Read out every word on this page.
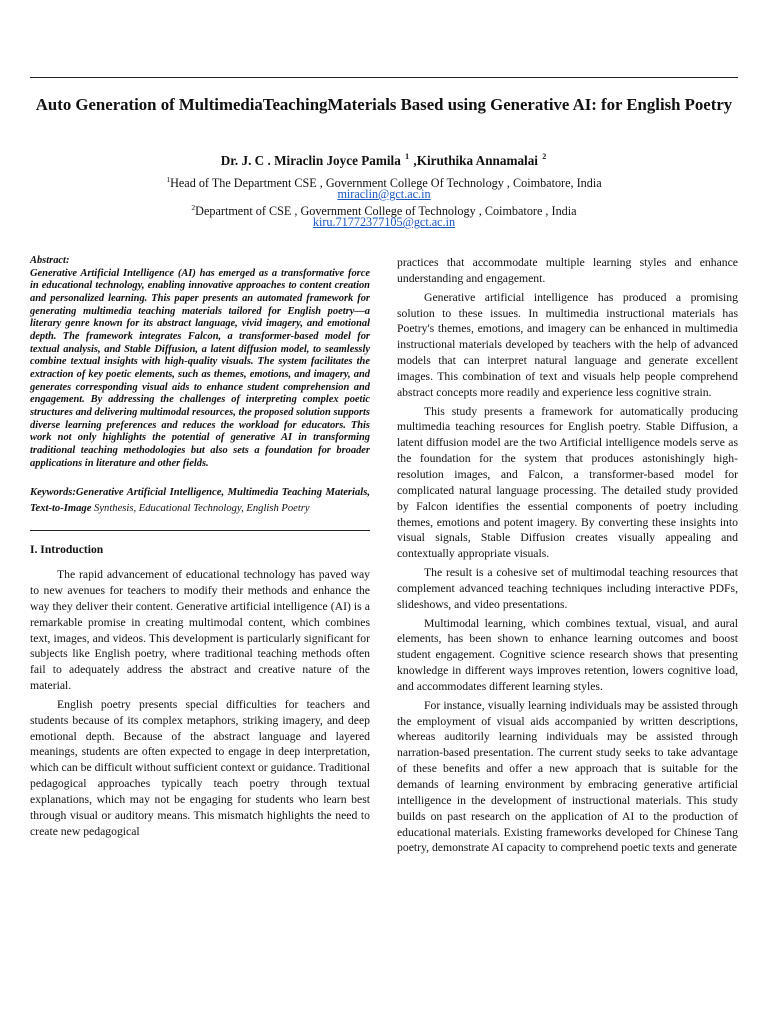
Auto Generation of MultimediaTeachingMaterials Based using Generative AI: for English Poetry
Dr. J. C . Miraclin Joyce Pamila $^1$ ,Kiruthika Annamalai $^2$
$^1$Head of The Department CSE , Government College Of Technology , Coimbatore, India
miraclin@gct.ac.in
$^2$Department of CSE , Government College of Technology , Coimbatore , India
kiru.71772377105@gct.ac.in
Abstract:
Generative Artificial Intelligence (AI) has emerged as a transformative force in educational technology, enabling innovative approaches to content creation and personalized learning. This paper presents an automated framework for generating multimedia teaching materials tailored for English poetry—a literary genre known for its abstract language, vivid imagery, and emotional depth. The framework integrates Falcon, a transformer-based model for textual analysis, and Stable Diffusion, a latent diffusion model, to seamlessly combine textual insights with high-quality visuals. The system facilitates the extraction of key poetic elements, such as themes, emotions, and imagery, and generates corresponding visual aids to enhance student comprehension and engagement. By addressing the challenges of interpreting complex poetic structures and delivering multimodal resources, the proposed solution supports diverse learning preferences and reduces the workload for educators. This work not only highlights the potential of generative AI in transforming traditional teaching methodologies but also sets a foundation for broader applications in literature and other fields.
Keywords:Generative Artificial Intelligence, Multimedia Teaching Materials, Text-to-Image Synthesis, Educational Technology, English Poetry
I. Introduction

The rapid advancement of educational technology has paved way to new avenues for teachers to modify their methods and enhance the way they deliver their content. Generative artificial intelligence (AI) is a remarkable promise in creating multimodal content, which combines text, images, and videos. This development is particularly significant for subjects like English poetry, where traditional teaching methods often fail to adequately address the abstract and creative nature of the material.

English poetry presents special difficulties for teachers and students because of its complex metaphors, striking imagery, and deep emotional depth. Because of the abstract language and layered meanings, students are often expected to engage in deep interpretation, which can be difficult without sufficient context or guidance. Traditional pedagogical approaches typically teach poetry through textual explanations, which may not be engaging for students who learn best through visual or auditory means. This mismatch highlights the need to create new pedagogical

practices that accommodate multiple learning styles and enhance understanding and engagement.

Generative artificial intelligence has produced a promising solution to these issues. In multimedia instructional materials has Poetry's themes, emotions, and imagery can be enhanced in multimedia instructional materials developed by teachers with the help of advanced models that can interpret natural language and generate excellent images. This combination of text and visuals help people comprehend abstract concepts more readily and experience less cognitive strain.

This study presents a framework for automatically producing multimedia teaching resources for English poetry. Stable Diffusion, a latent diffusion model are the two Artificial intelligence models serve as the foundation for the system that produces astonishingly high-resolution images, and Falcon, a transformer-based model for complicated natural language processing. The detailed study provided by Falcon identifies the essential components of poetry including themes, emotions and potent imagery. By converting these insights into visual signals, Stable Diffusion creates visually appealing and contextually appropriate visuals.

The result is a cohesive set of multimodal teaching resources that complement advanced teaching techniques including interactive PDFs, slideshows, and video presentations.

Multimodal learning, which combines textual, visual, and aural elements, has been shown to enhance learning outcomes and boost student engagement. Cognitive science research shows that presenting knowledge in different ways improves retention, lowers cognitive load, and accommodates different learning styles.

For instance, visually learning individuals may be assisted through the employment of visual aids accompanied by written descriptions, whereas auditorily learning individuals may be assisted through narration-based presentation. The current study seeks to take advantage of these benefits and offer a new approach that is suitable for the demands of learning environment by embracing generative artificial intelligence in the development of instructional materials. This study builds on past research on the application of AI to the production of educational materials. Existing frameworks developed for Chinese Tang poetry, demonstrate AI capacity to comprehend poetic texts and generate
